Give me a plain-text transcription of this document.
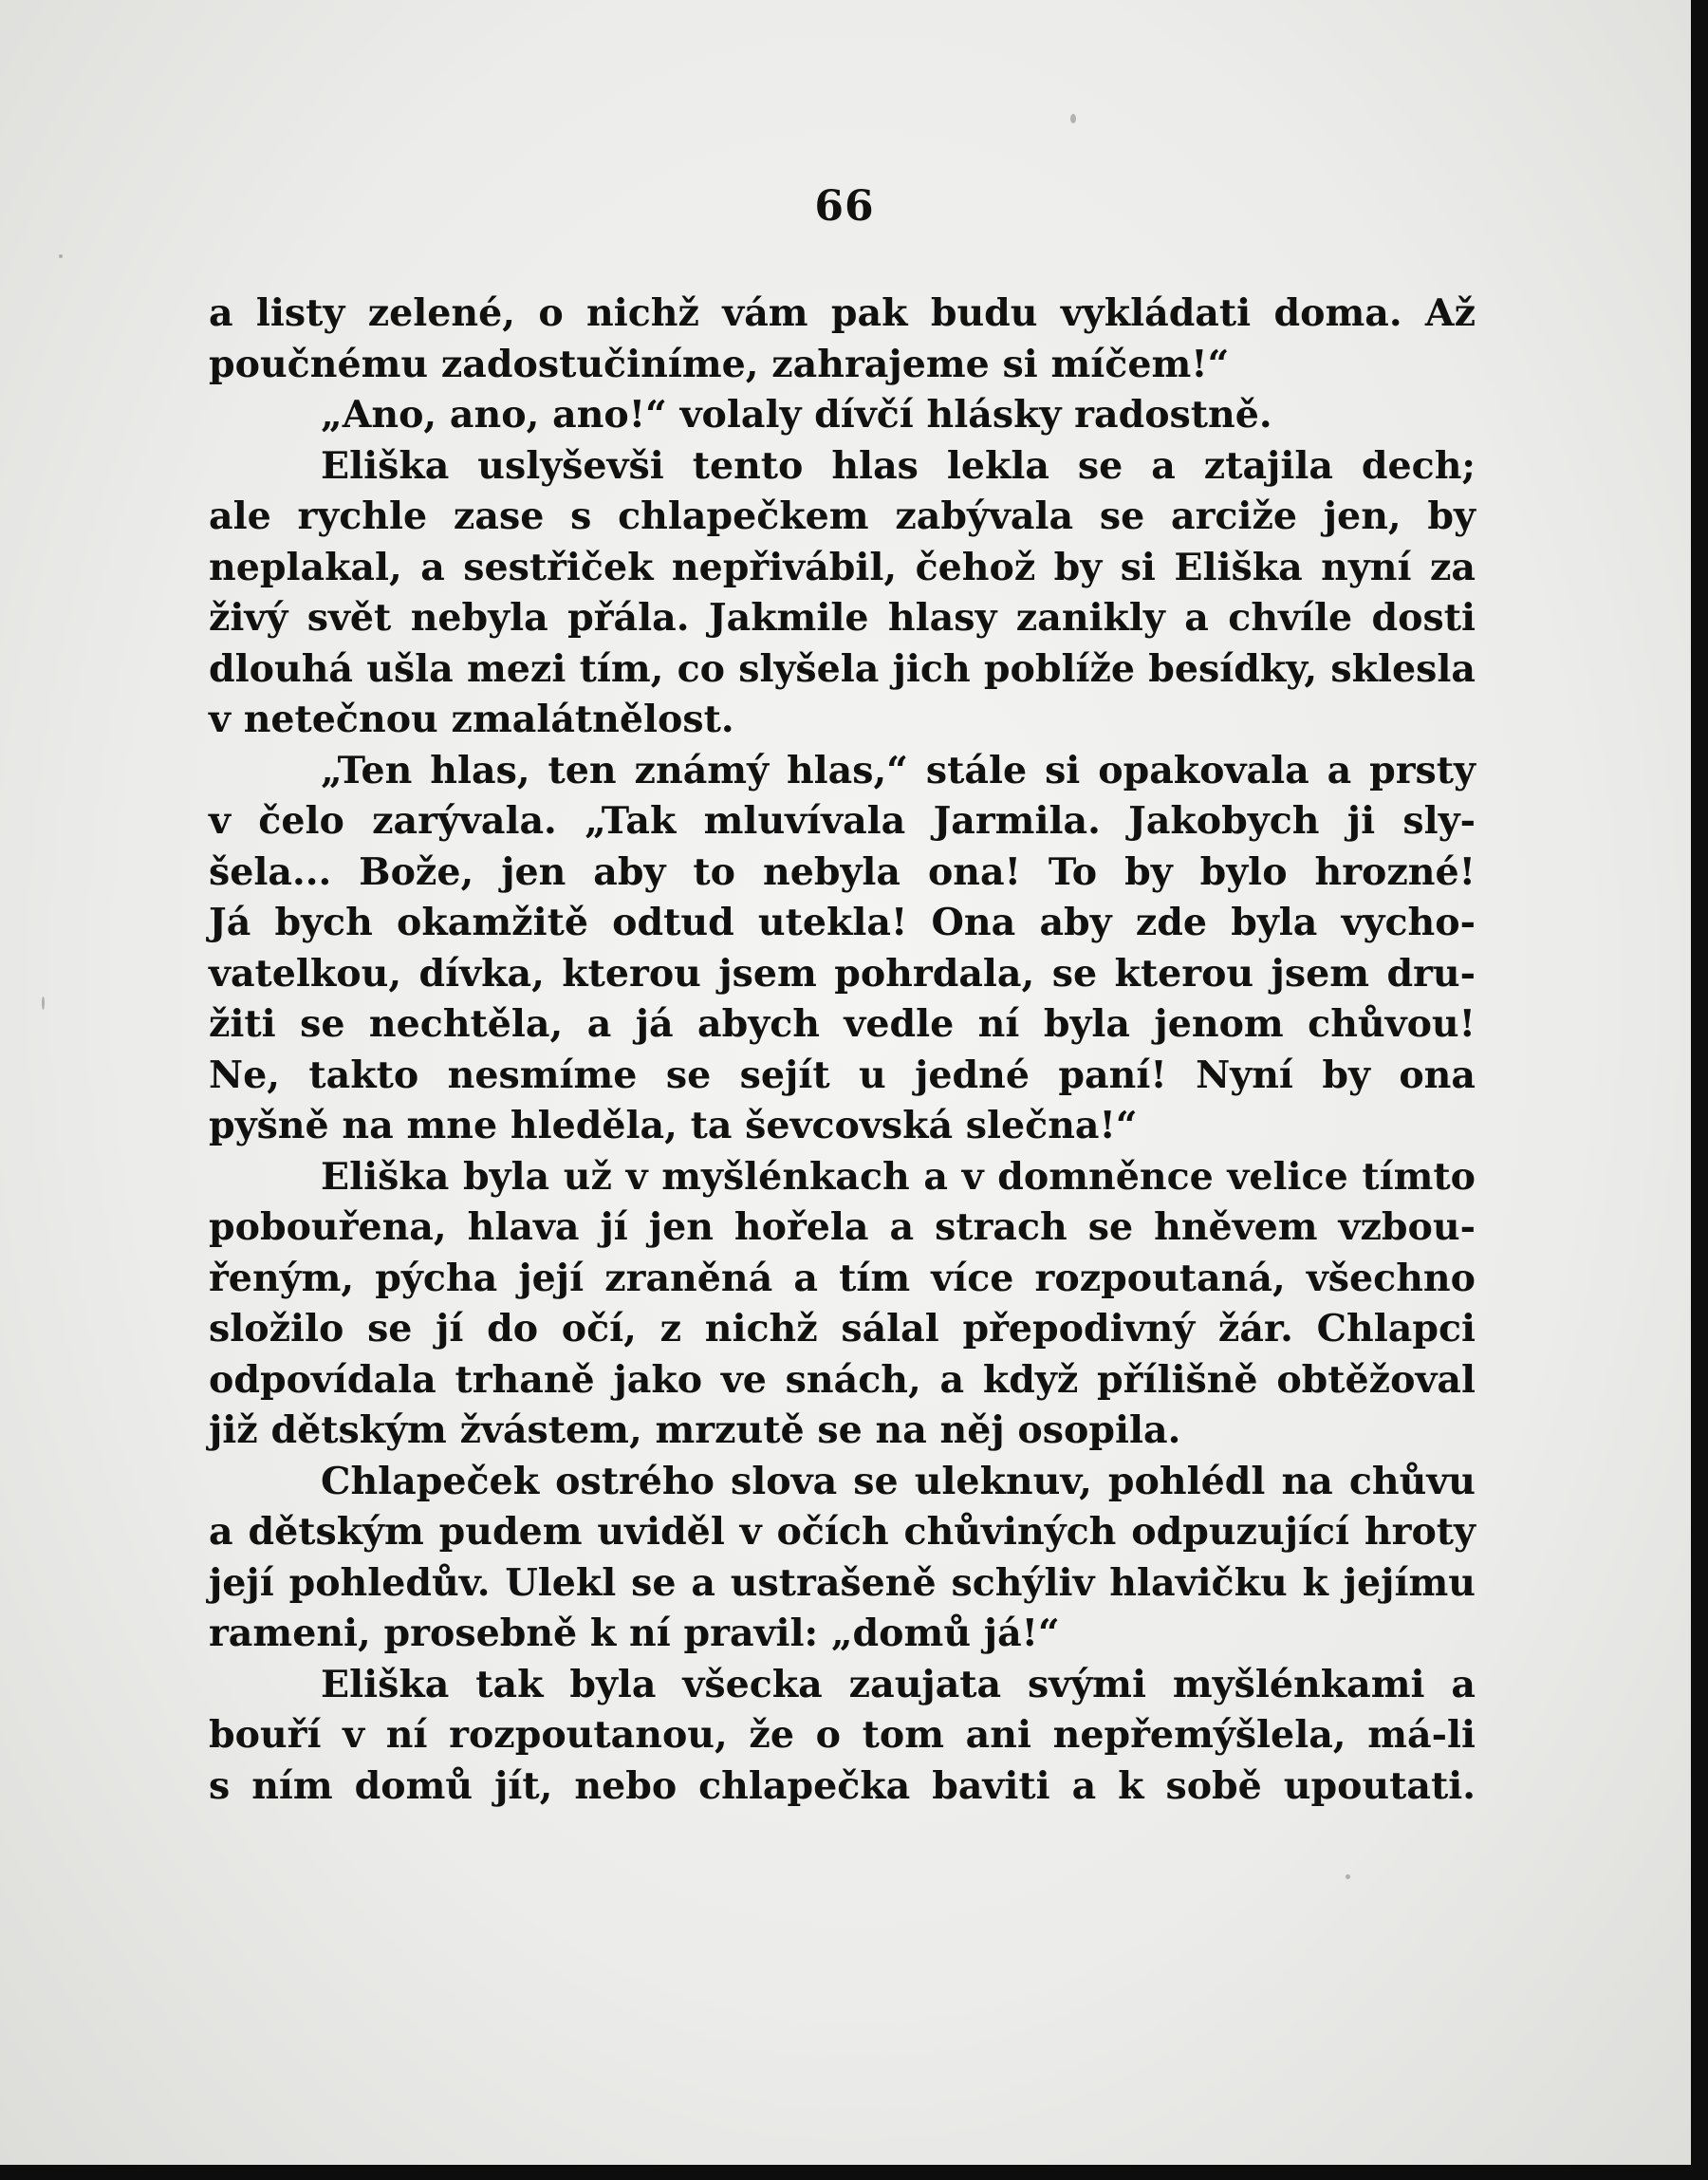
66
a listy zelené, o nichž vám pak budu vykládati doma. Až
poučnému zadostučiníme, zahrajeme si míčem!“
„Ano, ano, ano!“ volaly dívčí hlásky radostně.
Eliška uslyševši tento hlas lekla se a ztajila dech;
ale rychle zase s chlapečkem zabývala se arciže jen, by
neplakal, a sestřiček nepřivábil, čehož by si Eliška nyní za
živý svět nebyla přála. Jakmile hlasy zanikly a chvíle dosti
dlouhá ušla mezi tím, co slyšela jich poblíže besídky, sklesla
v netečnou zmalátnělost.
„Ten hlas, ten známý hlas,“ stále si opakovala a prsty
v čelo zarývala. „Tak mluvívala Jarmila. Jakobych ji sly-
šela... Bože, jen aby to nebyla ona! To by bylo hrozné!
Já bych okamžitě odtud utekla! Ona aby zde byla vycho-
vatelkou, dívka, kterou jsem pohrdala, se kterou jsem dru-
žiti se nechtěla, a já abych vedle ní byla jenom chůvou!
Ne, takto nesmíme se sejít u jedné paní! Nyní by ona
pyšně na mne hleděla, ta ševcovská slečna!“
Eliška byla už v myšlénkach a v domněnce velice tímto
pobouřena, hlava jí jen hořela a strach se hněvem vzbou-
řeným, pýcha její zraněná a tím více rozpoutaná, všechno
složilo se jí do očí, z nichž sálal přepodivný žár. Chlapci
odpovídala trhaně jako ve snách, a když přílišně obtěžoval
již dětským žvástem, mrzutě se na něj osopila.
Chlapeček ostrého slova se uleknuv, pohlédl na chůvu
a dětským pudem uviděl v očích chůviných odpuzující hroty
její pohledův. Ulekl se a ustrašeně schýliv hlavičku k jejímu
rameni, prosebně k ní pravil: „domů já!“
Eliška tak byla všecka zaujata svými myšlénkami a
bouří v ní rozpoutanou, že o tom ani nepřemýšlela, má-li
s ním domů jít, nebo chlapečka baviti a k sobě upoutati.
